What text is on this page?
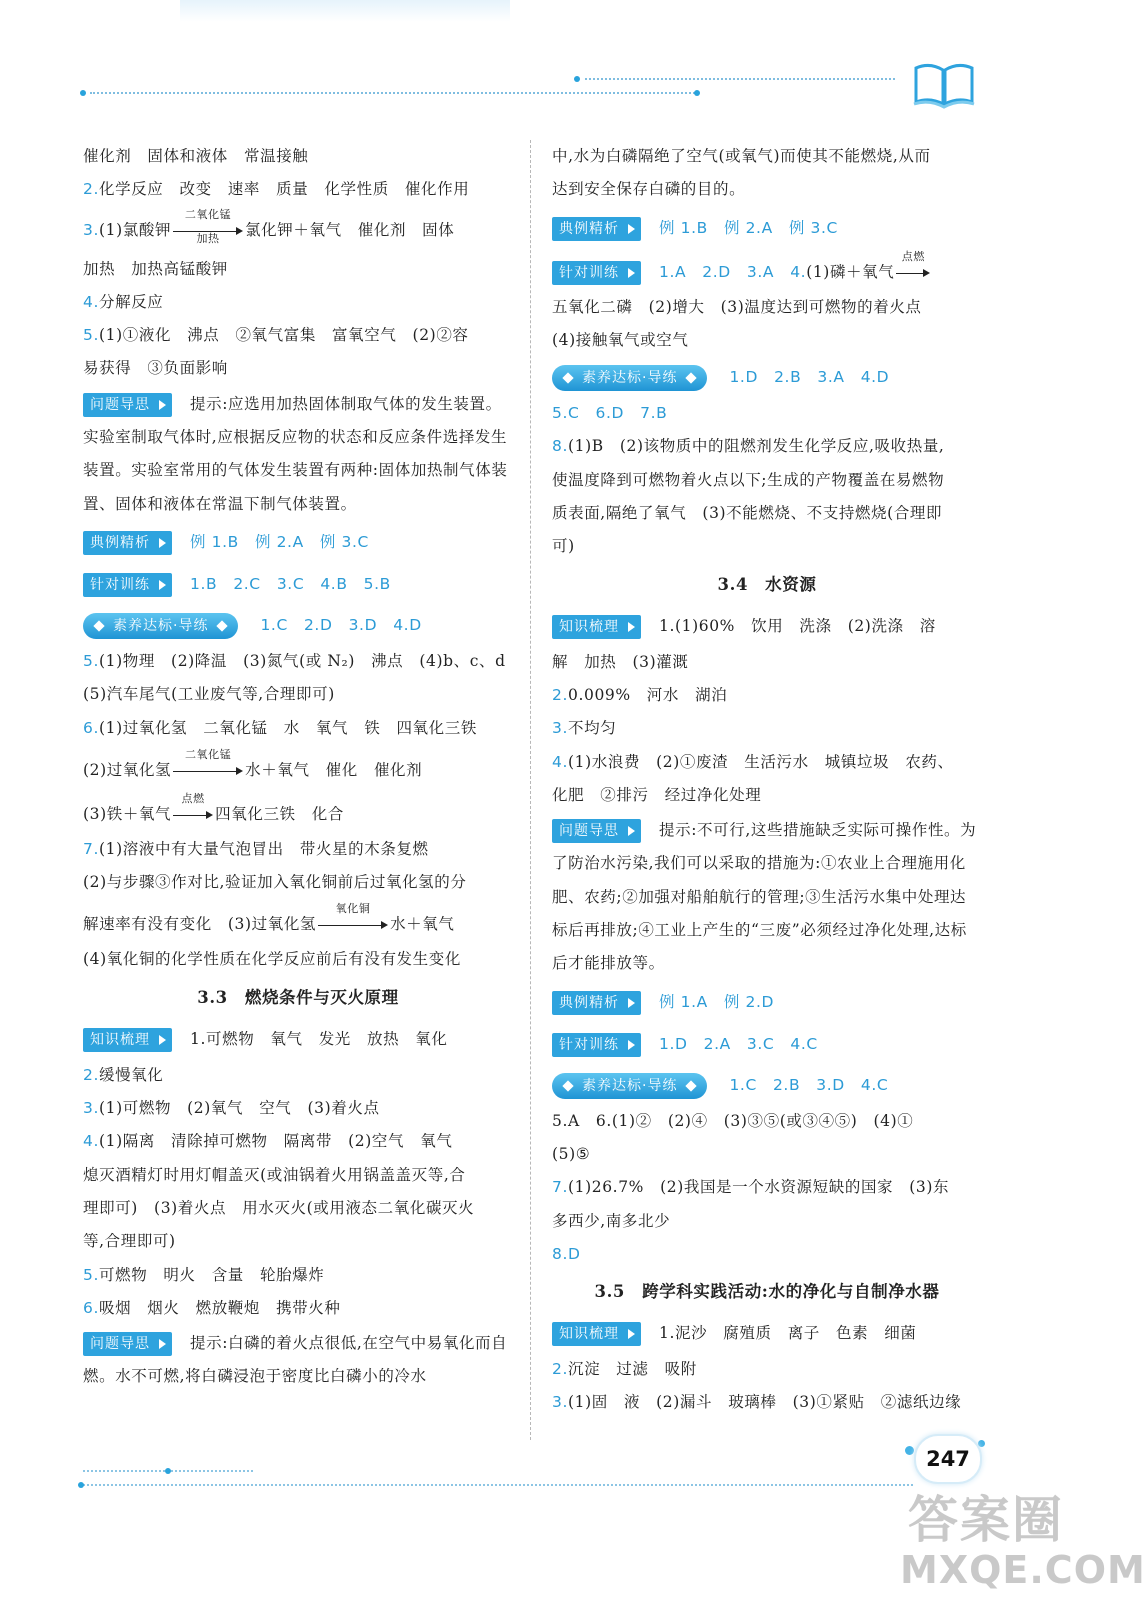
催化剂　固体和液体　常温接触
2.化学反应　改变　速率　质量　化学性质　催化作用
3.(1)氯酸钾
二氧化锰
加热	氯化钾＋氧气　催化剂　固体
加热　加热高锰酸钾
4.分解反应
5.(1)①液化　沸点　②氧气富集　富氧空气　(2)②容
易获得　③负面影响
问题导思	提示:应选用加热固体制取气体的发生装置。实验室制取气体时,应根据反应物的状态和反应条件选择发生装置。实验室常用的气体发生装置有两种:固体加热制气体装置、固体和液体在常温下制气体装置。
典例精析	例 1.B　例 2.A　例 3.C
针对训练	1.B　2.C　3.C　4.B　5.B
素养达标·导练	1.C　2.D　3.D　4.D
5.(1)物理　(2)降温　(3)氮气(或 N₂)　沸点　(4)b、c、d
(5)汽车尾气(工业废气等,合理即可)
6.(1)过氧化氢　二氧化锰　水　氧气　铁　四氧化三铁
(2)过氧化氢
二氧化锰
水＋氧气　催化　催化剂
(3)铁＋氧气
点燃
四氧化三铁　化合
7.(1)溶液中有大量气泡冒出　带火星的木条复燃
(2)与步骤③作对比,验证加入氧化铜前后过氧化氢的分
解速率有没有变化　(3)过氧化氢
氧化铜
水＋氧气
(4)氧化铜的化学性质在化学反应前后有没有发生变化
3.3　燃烧条件与灭火原理
知识梳理	1.可燃物　氧气　发光　放热　氧化
2.缓慢氧化
3.(1)可燃物　(2)氧气　空气　(3)着火点
4.(1)隔离　清除掉可燃物　隔离带　(2)空气　氧气
熄灭酒精灯时用灯帽盖灭(或油锅着火用锅盖盖灭等,合
理即可)　(3)着火点　用水灭火(或用液态二氧化碳灭火
等,合理即可)
5.可燃物　明火　含量　轮胎爆炸
6.吸烟　烟火　燃放鞭炮　携带火种
问题导思	提示:白磷的着火点很低,在空气中易氧化而自燃。水不可燃,将白磷浸泡于密度比白磷小的冷水
中,水为白磷隔绝了空气(或氧气)而使其不能燃烧,从而
达到安全保存白磷的目的。
典例精析	例 1.B　例 2.A　例 3.C
针对训练	1.A　2.D　3.A　4.(1)磷＋氧气
点燃
五氧化二磷　(2)增大　(3)温度达到可燃物的着火点
(4)接触氧气或空气
素养达标·导练	1.D　2.B　3.A　4.D
5.C　6.D　7.B
8.(1)B　(2)该物质中的阻燃剂发生化学反应,吸收热量,
使温度降到可燃物着火点以下;生成的产物覆盖在易燃物
质表面,隔绝了氧气　(3)不能燃烧、不支持燃烧(合理即
可)
3.4　水资源
知识梳理	1.(1)60%　饮用　洗涤　(2)洗涤　溶
解　加热　(3)灌溉
2.0.009%　河水　湖泊
3.不均匀
4.(1)水浪费　(2)①废渣　生活污水　城镇垃圾　农药、
化肥　②排污　经过净化处理
问题导思	提示:不可行,这些措施缺乏实际可操作性。为了防治水污染,我们可以采取的措施为:①农业上合理施用化肥、农药;②加强对船舶航行的管理;③生活污水集中处理达标后再排放;④工业上产生的“三废”必须经过净化处理,达标后才能排放等。
典例精析	例 1.A　例 2.D
针对训练	1.D　2.A　3.C　4.C
素养达标·导练	1.C　2.B　3.D　4.C
5.A　6.(1)②　(2)④　(3)③⑤(或③④⑤)　(4)①
(5)⑤
7.(1)26.7%　(2)我国是一个水资源短缺的国家　(3)东
多西少,南多北少
8.D
3.5　跨学科实践活动:水的净化与自制净水器
知识梳理	1.泥沙　腐殖质　离子　色素　细菌
2.沉淀　过滤　吸附
3.(1)固　液　(2)漏斗　玻璃棒　(3)①紧贴　②滤纸边缘
247
答案圈
MXQE.COM
